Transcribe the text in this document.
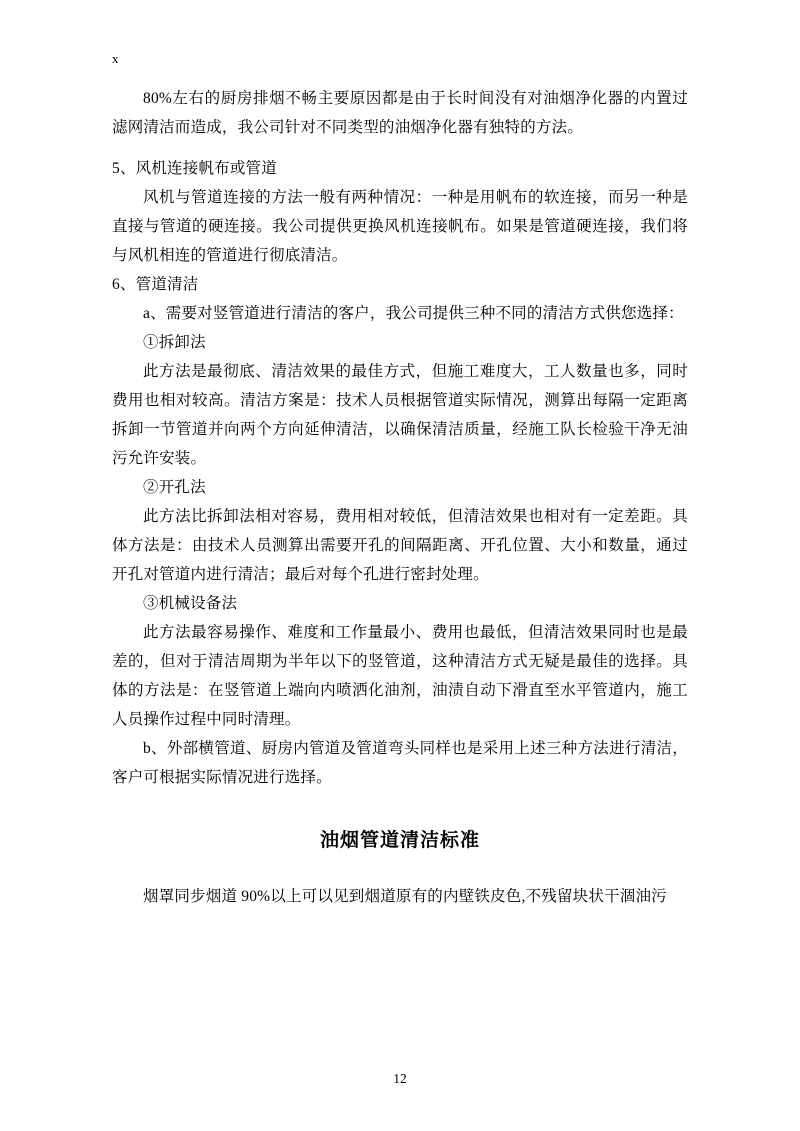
x

80%左右的厨房排烟不畅主要原因都是由于长时间没有对油烟净化器的内置过滤网清洁而造成，我公司针对不同类型的油烟净化器有独特的方法。

5、风机连接帆布或管道

风机与管道连接的方法一般有两种情况：一种是用帆布的软连接，而另一种是直接与管道的硬连接。我公司提供更换风机连接帆布。如果是管道硬连接，我们将与风机相连的管道进行彻底清洁。

6、管道清洁

a、需要对竖管道进行清洁的客户，我公司提供三种不同的清洁方式供您选择：

①拆卸法

此方法是最彻底、清洁效果的最佳方式，但施工难度大，工人数量也多，同时费用也相对较高。清洁方案是：技术人员根据管道实际情况，测算出每隔一定距离拆卸一节管道并向两个方向延伸清洁，以确保清洁质量，经施工队长检验干净无油污允许安装。

②开孔法

此方法比拆卸法相对容易，费用相对较低，但清洁效果也相对有一定差距。具体方法是：由技术人员测算出需要开孔的间隔距离、开孔位置、大小和数量，通过开孔对管道内进行清洁；最后对每个孔进行密封处理。

③机械设备法

此方法最容易操作、难度和工作量最小、费用也最低，但清洁效果同时也是最差的，但对于清洁周期为半年以下的竖管道，这种清洁方式无疑是最佳的选择。具体的方法是：在竖管道上端向内喷洒化油剂，油渍自动下滑直至水平管道内，施工人员操作过程中同时清理。

b、外部横管道、厨房内管道及管道弯头同样也是采用上述三种方法进行清洁，客户可根据实际情况进行选择。

油烟管道清洁标准

烟罩同步烟道 90%以上可以见到烟道原有的内壁铁皮色,不残留块状干涸油污

12
